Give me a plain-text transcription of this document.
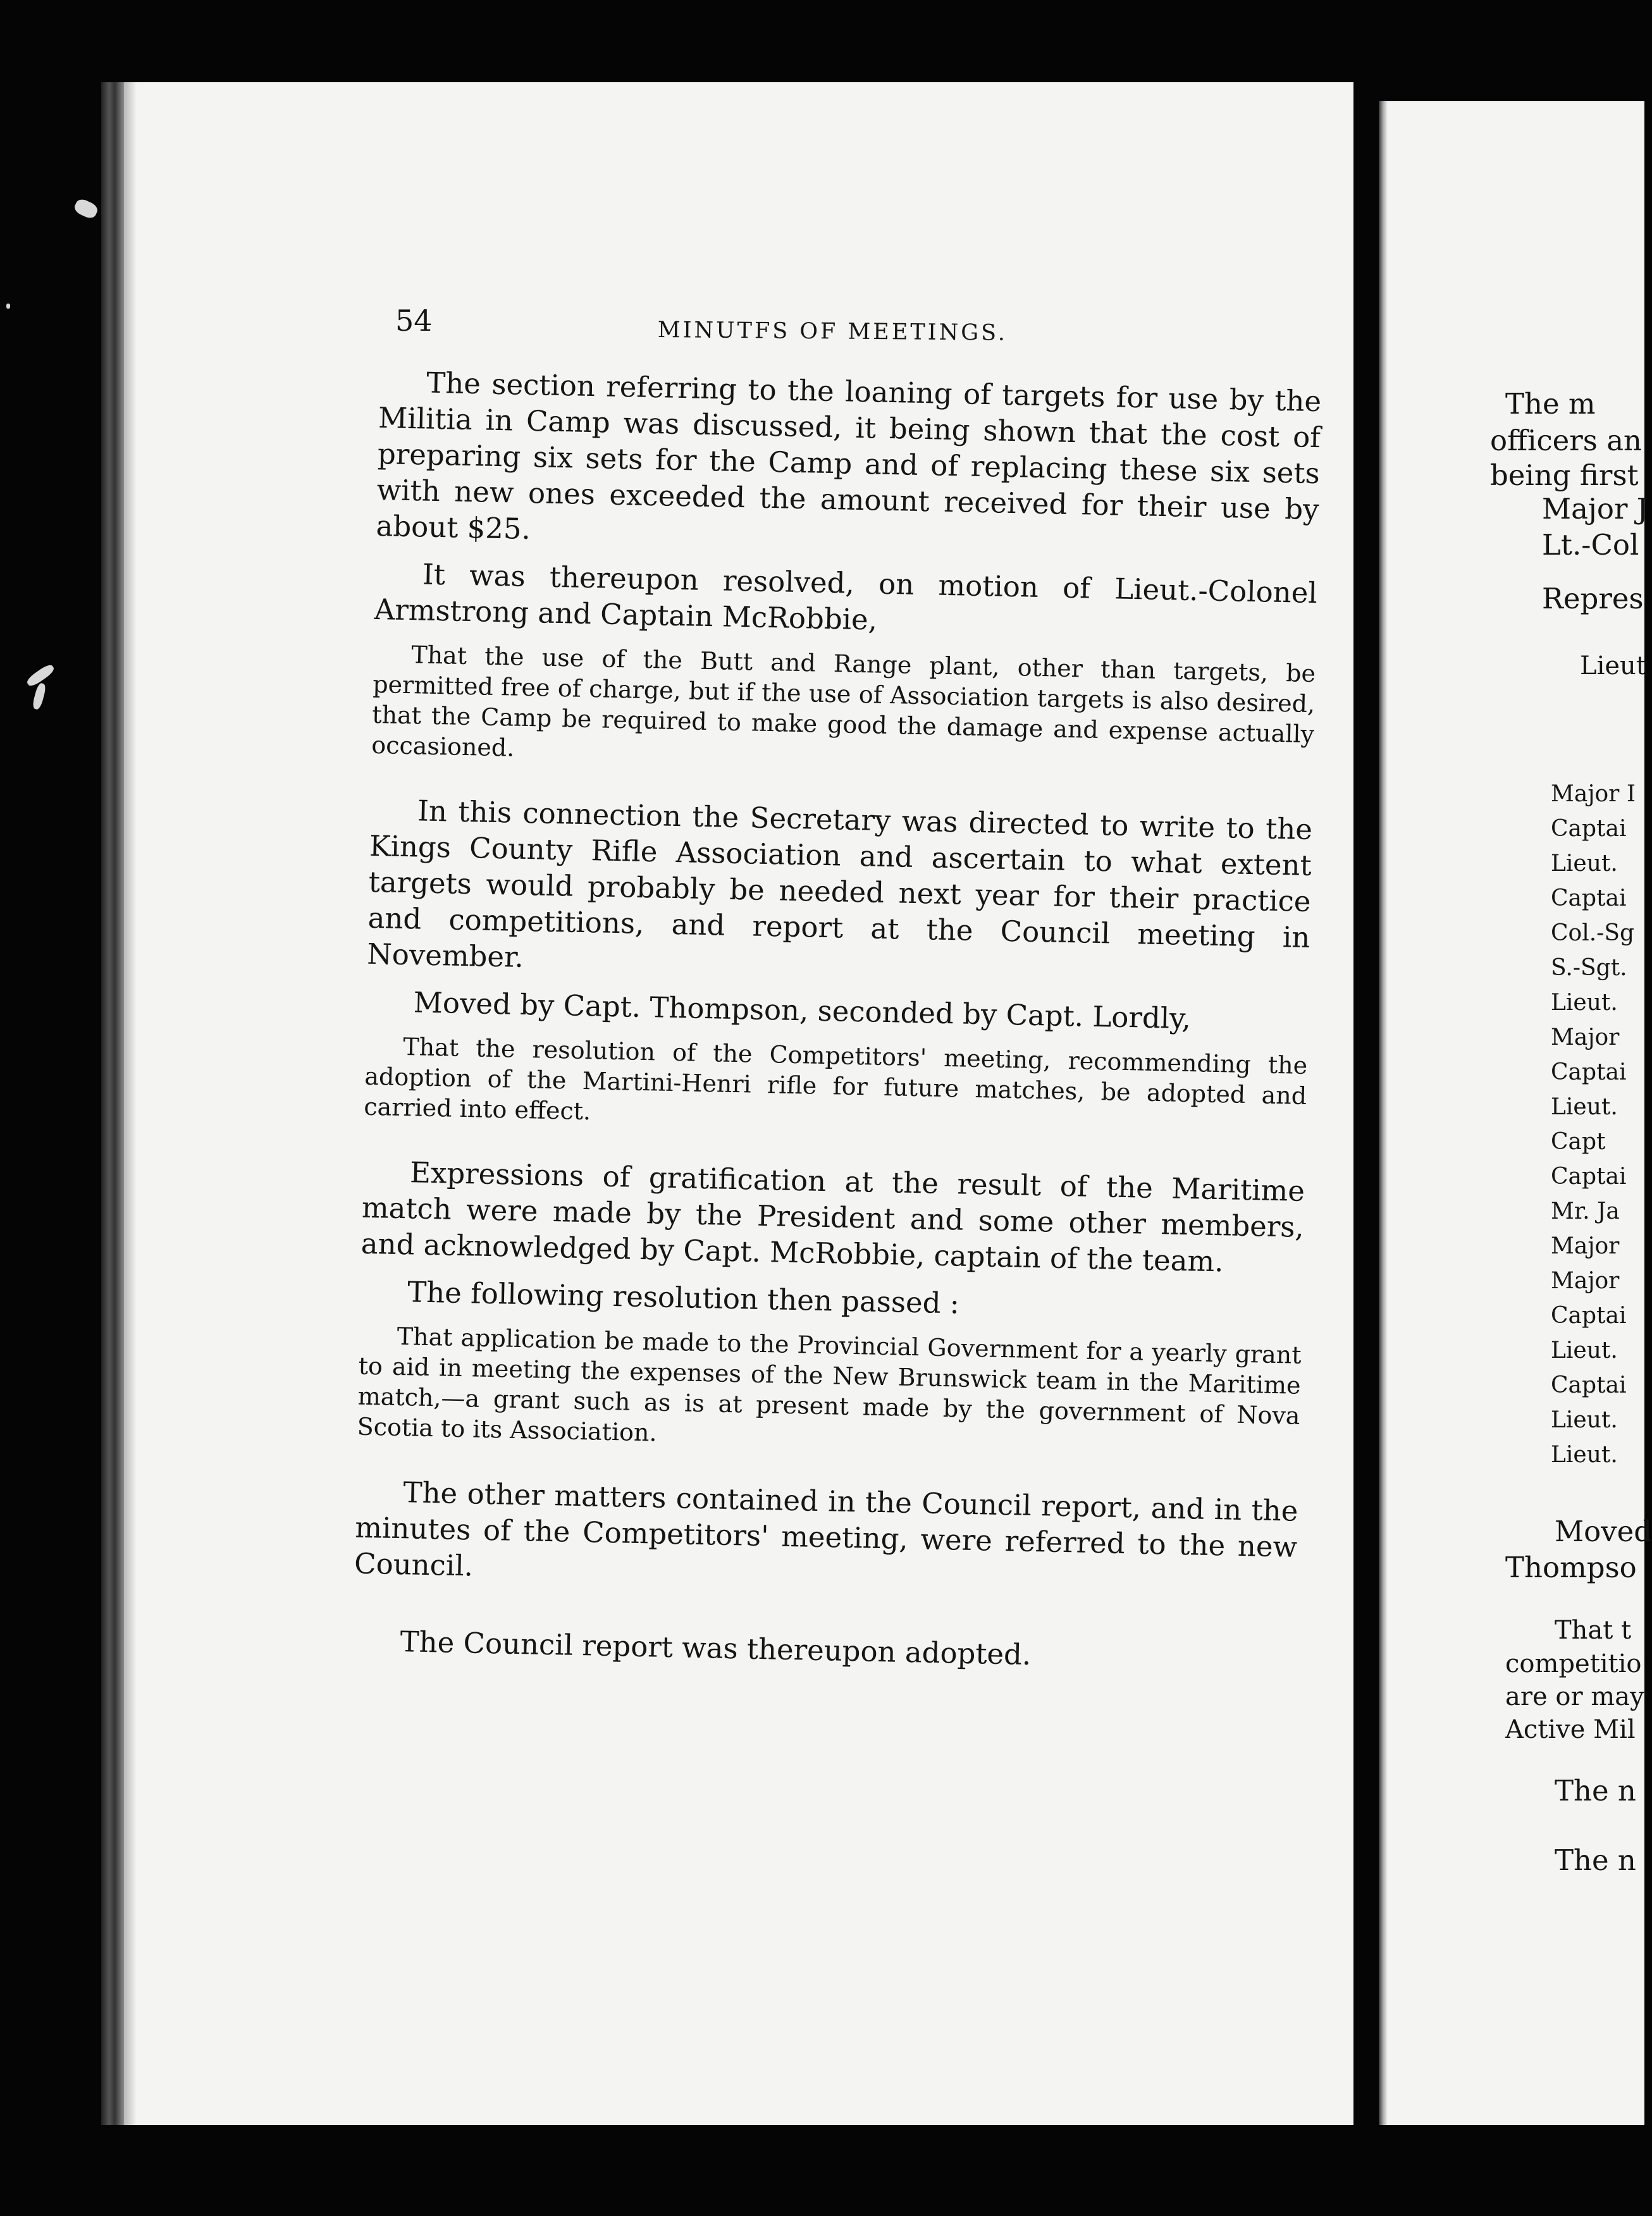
54	MINUTFS OF MEETINGS.

The section referring to the loaning of targets for use by the Militia in Camp was discussed, it being shown that the cost of preparing six sets for the Camp and of replacing these six sets with new ones exceeded the amount received for their use by about $25.

It was thereupon resolved, on motion of Lieut.-Colonel Armstrong and Captain McRobbie,

That the use of the Butt and Range plant, other than targets, be permitted free of charge, but if the use of Association targets is also desired, that the Camp be required to make good the damage and expense actually occasioned.

In this connection the Secretary was directed to write to the Kings County Rifle Association and ascertain to what extent targets would probably be needed next year for their practice and competitions, and report at the Council meeting in November.

Moved by Capt. Thompson, seconded by Capt. Lordly,

That the resolution of the Competitors' meeting, recommending the adoption of the Martini-Henri rifle for future matches, be adopted and carried into effect.

Expressions of gratification at the result of the Maritime match were made by the President and some other members, and acknowledged by Capt. McRobbie, captain of the team.

The following resolution then passed :

That application be made to the Provincial Government for a yearly grant to aid in meeting the expenses of the New Brunswick team in the Maritime match,—a grant such as is at present made by the government of Nova Scotia to its Association.

The other matters contained in the Council report, and in the minutes of the Competitors' meeting, were referred to the new Council.

The Council report was thereupon adopted.

The m
officers an
being first
Major J
Lt.-Col
Repres
Lieut
Major I
Captai
Lieut.
Captai
Col.-Sg
S.-Sgt.
Lieut.
Major
Captai
Lieut.
Capt
Captai
Mr. Ja
Major
Major
Captai
Lieut.
Captai
Lieut.
Lieut.
Moved
Thompso
That t
competitio
are or may
Active Mil
The n
The n
